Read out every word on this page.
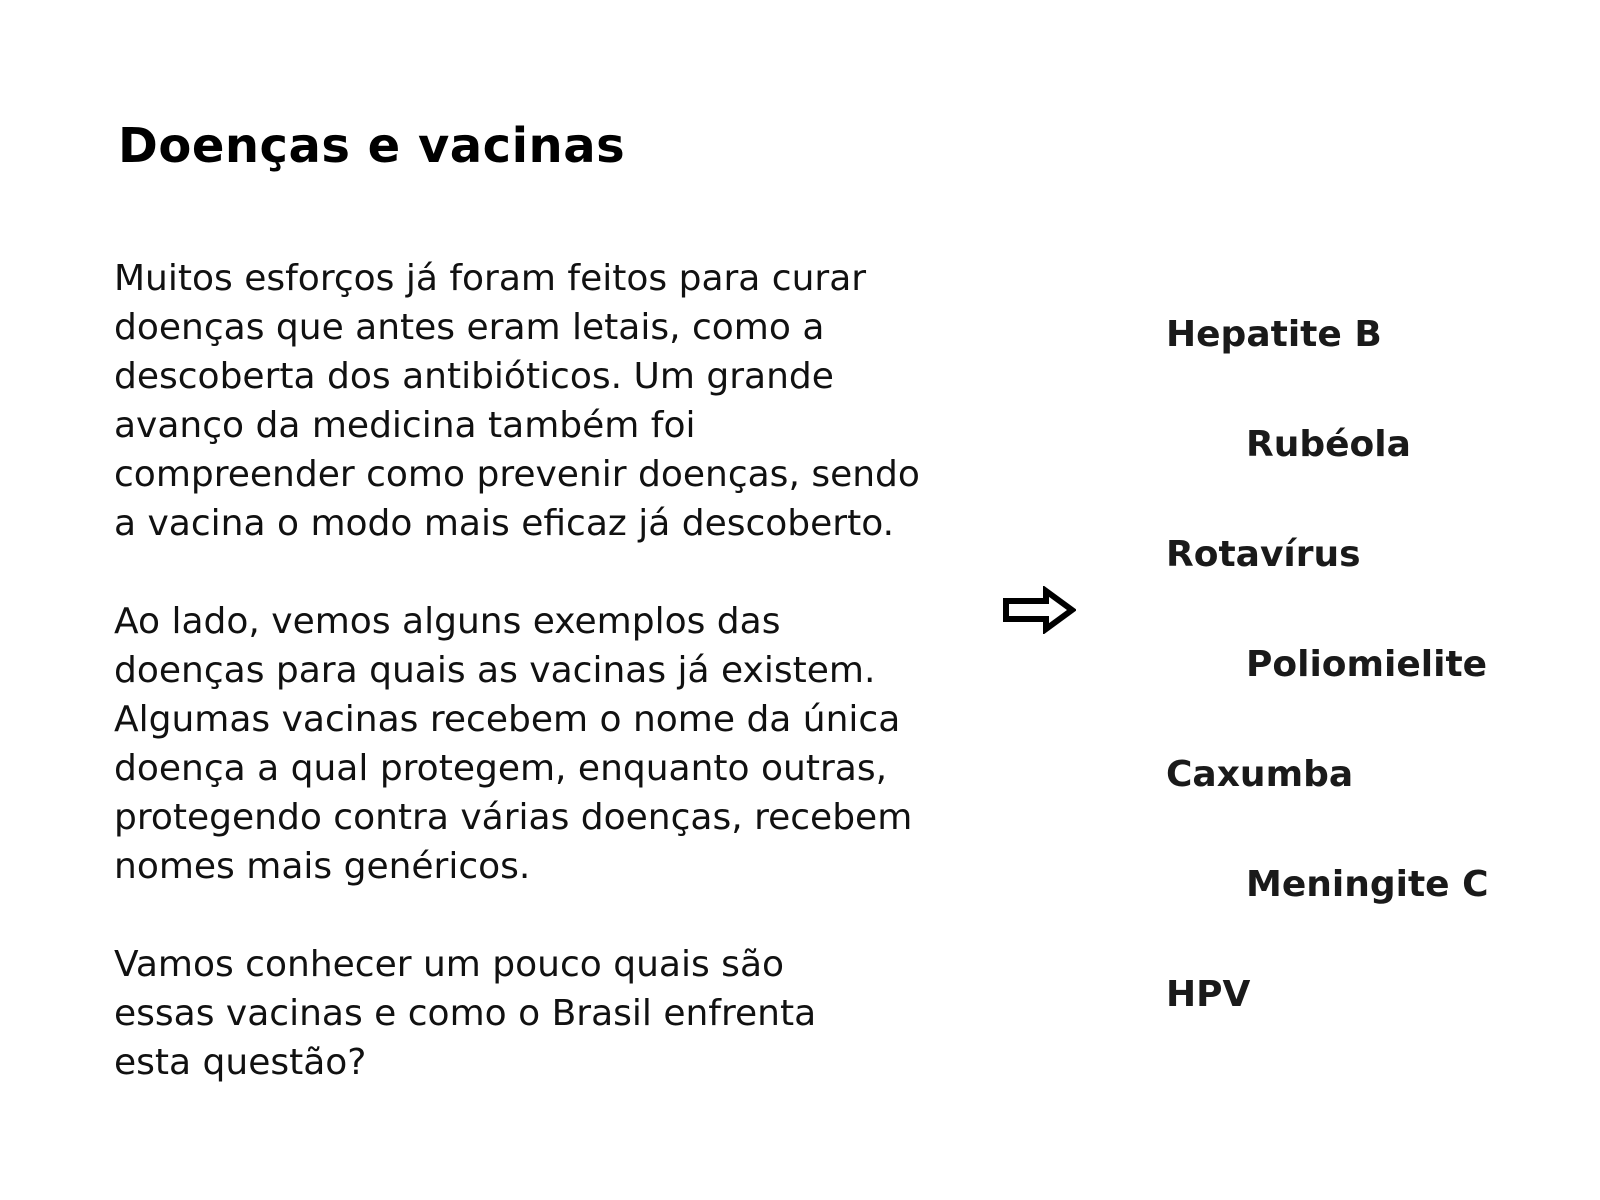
Doenças e vacinas

Muitos esforços já foram feitos para curar
doenças que antes eram letais, como a
descoberta dos antibióticos. Um grande
avanço da medicina também foi
compreender como prevenir doenças, sendo
a vacina o modo mais eficaz já descoberto.

Ao lado, vemos alguns exemplos das
doenças para quais as vacinas já existem.
Algumas vacinas recebem o nome da única
doença a qual protegem, enquanto outras,
protegendo contra várias doenças, recebem
nomes mais genéricos.

Vamos conhecer um pouco quais são
essas vacinas e como o Brasil enfrenta
esta questão?

Hepatite B
Rubéola
Rotavírus
Poliomielite
Caxumba
Meningite C
HPV
